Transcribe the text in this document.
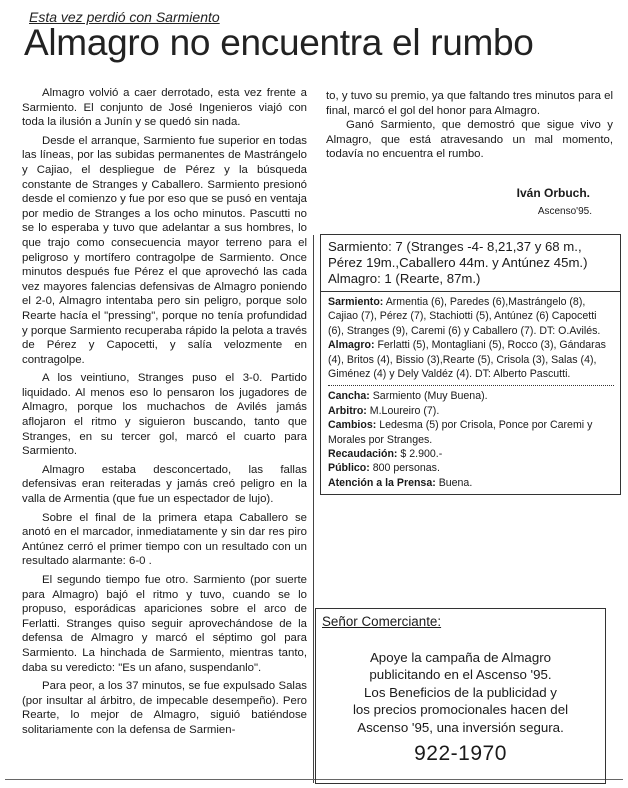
Esta vez perdió con Sarmiento
Almagro no encuentra el rumbo

Almagro volvió a caer derrotado, esta vez frente a Sarmiento. El conjunto de José Ingenieros viajó con toda la ilusión a Junín y se quedó sin nada.

Desde el arranque, Sarmiento fue superior en todas las líneas, por las subidas permanentes de Mastrángelo y Cajiao, el despliegue de Pérez y la búsqueda constante de Stranges y Caballero. Sarmiento presionó desde el comienzo y fue por eso que se pusó en ventaja por medio de Stranges a los ocho minutos. Pascutti no se lo esperaba y tuvo que adelantar a sus hombres, lo que trajo como consecuencia mayor terreno para el peligroso y mortífero contragolpe de Sarmiento. Once minutos después fue Pérez el que aprovechó las cada vez mayores falencias defensivas de Almagro poniendo el 2-0, Almagro intentaba pero sin peligro, porque solo Rearte hacía el "pressing", porque no tenía profundidad y porque Sarmiento recuperaba rápido la pelota a través de Pérez y Capocetti, y salía velozmente en contragolpe.

A los veintiuno, Stranges puso el 3-0. Partido liquidado. Al menos eso lo pensaron los jugadores de Almagro, porque los muchachos de Avilés jamás aflojaron el ritmo y siguieron buscando, tanto que Stranges, en su tercer gol, marcó el cuarto para Sarmiento.

Almagro estaba desconcertado, las fallas defensivas eran reiteradas y jamás creó peligro en la valla de Armentia (que fue un espectador de lujo).

Sobre el final de la primera etapa Caballero se anotó en el marcador, inmediatamente y sin dar res piro Antúnez cerró el primer tiempo con un resultado con un resultado alarmante: 6-0 .

El segundo tiempo fue otro. Sarmiento (por suerte para Almagro) bajó el ritmo y tuvo, cuando se lo propuso, esporádicas apariciones sobre el arco de Ferlatti. Stranges quiso seguir aprovechándose de la defensa de Almagro y marcó el séptimo gol para Sarmiento. La hinchada de Sarmiento, mientras tanto, daba su veredicto: "Es un afano, suspendanlo".

Para peor, a los 37 minutos, se fue expulsado Salas (por insultar al árbitro, de impecable desempeño). Pero Rearte, lo mejor de Almagro, siguió batiéndose solitariamente con la defensa de Sarmien-

to, y tuvo su premio, ya que faltando tres minutos para el final, marcó el gol del honor para Almagro.

Ganó Sarmiento, que demostró que sigue vivo y Almagro, que está atravesando un mal momento, todavía no encuentra el rumbo.

Iván Orbuch.
Ascenso'95.
Sarmiento: 7 (Stranges -4- 8,21,37 y 68 m., Pérez 19m.,Caballero 44m. y Antúnez 45m.)
Almagro: 1 (Rearte, 87m.)
Sarmiento: Armentia (6), Paredes (6),Mastrángelo (8), Cajiao (7), Pérez (7), Stachiotti (5), Antúnez (6) Capocetti (6), Stranges (9), Caremi (6) y Caballero (7). DT: O.Avilés.
Almagro: Ferlatti (5), Montagliani (5), Rocco (3), Gándaras (4), Britos (4), Bissio (3),Rearte (5), Crisola (3), Salas (4), Giménez (4) y Dely Valdéz (4). DT: Alberto Pascutti.
Cancha: Sarmiento (Muy Buena).
Arbitro: M.Loureiro (7).
Cambios: Ledesma (5) por Crisola, Ponce por Caremi y Morales por Stranges.
Recaudación: $ 2.900.-
Público: 800 personas.
Atención a la Prensa: Buena.
Señor Comerciante:
Apoye la campaña de Almagro
publicitando en el Ascenso '95.
Los Beneficios de la publicidad y
los precios promocionales hacen del
Ascenso '95, una inversión segura.
922-1970
